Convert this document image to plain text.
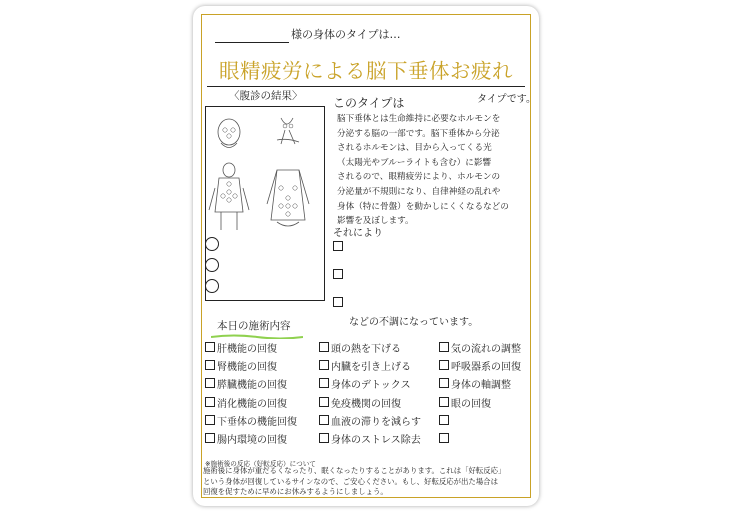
様の身体のタイプは…
眼精疲労による脳下垂体お疲れ
〈腹診の結果〉	このタイプは	タイプです。
脳下垂体とは生命維持に必要なホルモンを
分泌する脳の一部です。脳下垂体から分泌
されるホルモンは、目から入ってくる光
（太陽光やブルーライトも含む）に影響
されるので、眼精疲労により、ホルモンの
分泌量が不規則になり、自律神経の乱れや
身体（特に骨盤）を動かしにくくなるなどの
影響を及ぼします。
それにより
などの不調になっています。
本日の施術内容
肝機能の回復
腎機能の回復
膵臓機能の回復
消化機能の回復
下垂体の機能回復
腸内環境の回復
頭の熱を下げる
内臓を引き上げる
身体のデトックス
免疫機関の回復
血液の滞りを減らす
身体のストレス除去
気の流れの調整
呼吸器系の回復
身体の軸調整
眼の回復
※施術後の反応（好転反応）について
施術後に身体が重だるくなったり、眠くなったりすることがあります。これは「好転反応」
という身体が回復しているサインなので、ご安心ください。もし、好転反応が出た場合は
回復を促すために早めにお休みするようにしましょう。
